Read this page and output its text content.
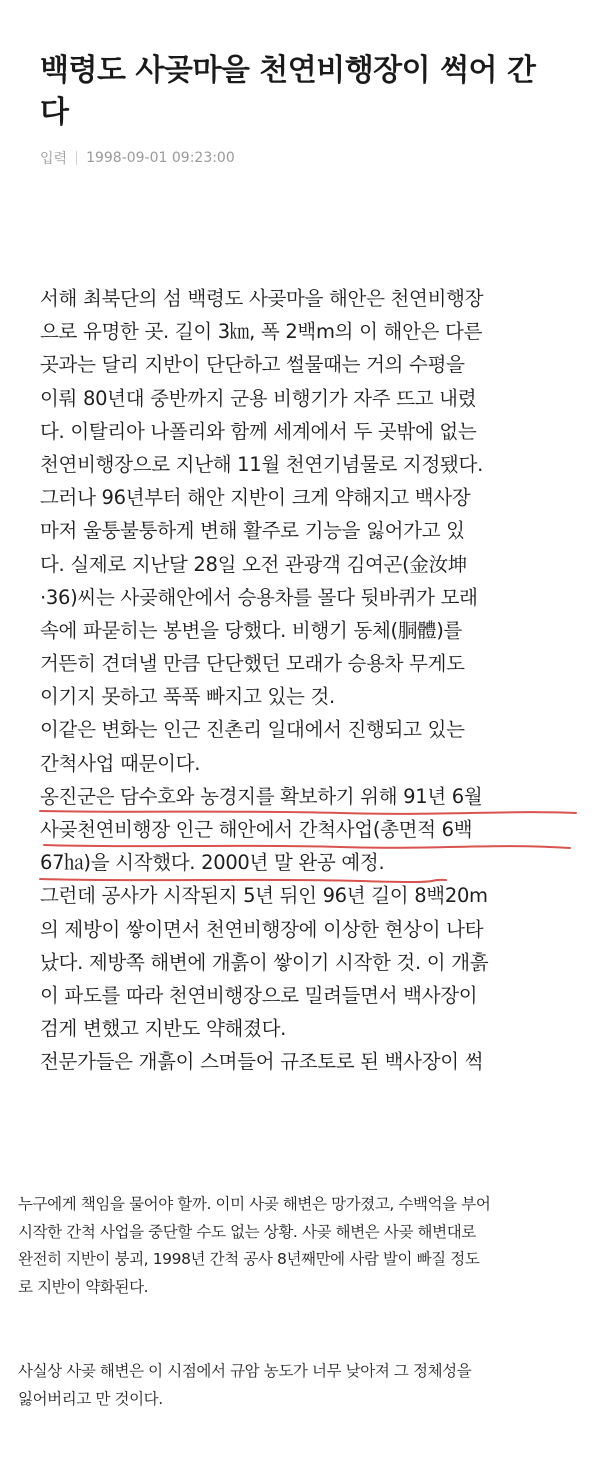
백령도 사곶마을 천연비행장이 썩어 간
다
입력 1998-09-01 09:23:00
서해 최북단의 섬 백령도 사곶마을 해안은 천연비행장
으로 유명한 곳. 길이 3㎞, 폭 2백m의 이 해안은 다른
곳과는 달리 지반이 단단하고 썰물때는 거의 수평을
이뤄 80년대 중반까지 군용 비행기가 자주 뜨고 내렸
다. 이탈리아 나폴리와 함께 세계에서 두 곳밖에 없는
천연비행장으로 지난해 11월 천연기념물로 지정됐다.
그러나 96년부터 해안 지반이 크게 약해지고 백사장
마저 울퉁불퉁하게 변해 활주로 기능을 잃어가고 있
다. 실제로 지난달 28일 오전 관광객 김여곤(金汝坤
·36)씨는 사곶해안에서 승용차를 몰다 뒷바퀴가 모래
속에 파묻히는 봉변을 당했다. 비행기 동체(胴體)를
거뜬히 견뎌낼 만큼 단단했던 모래가 승용차 무게도
이기지 못하고 푹푹 빠지고 있는 것.
이같은 변화는 인근 진촌리 일대에서 진행되고 있는
간척사업 때문이다.
옹진군은 담수호와 농경지를 확보하기 위해 91년 6월
사곶천연비행장 인근 해안에서 간척사업(총면적 6백
67㏊)을 시작했다. 2000년 말 완공 예정.
그런데 공사가 시작된지 5년 뒤인 96년 길이 8백20m
의 제방이 쌓이면서 천연비행장에 이상한 현상이 나타
났다. 제방쪽 해변에 개흙이 쌓이기 시작한 것. 이 개흙
이 파도를 따라 천연비행장으로 밀려들면서 백사장이
검게 변했고 지반도 약해졌다.
전문가들은 개흙이 스며들어 규조토로 된 백사장이 썩
누구에게 책임을 물어야 할까. 이미 사곶 해변은 망가졌고, 수백억을 부어
시작한 간척 사업을 중단할 수도 없는 상황. 사곶 해변은 사곶 해변대로
완전히 지반이 붕괴, 1998년 간척 공사 8년째만에 사람 발이 빠질 정도
로 지반이 약화된다.
사실상 사곶 해변은 이 시점에서 규암 농도가 너무 낮아져 그 정체성을
잃어버리고 만 것이다.
